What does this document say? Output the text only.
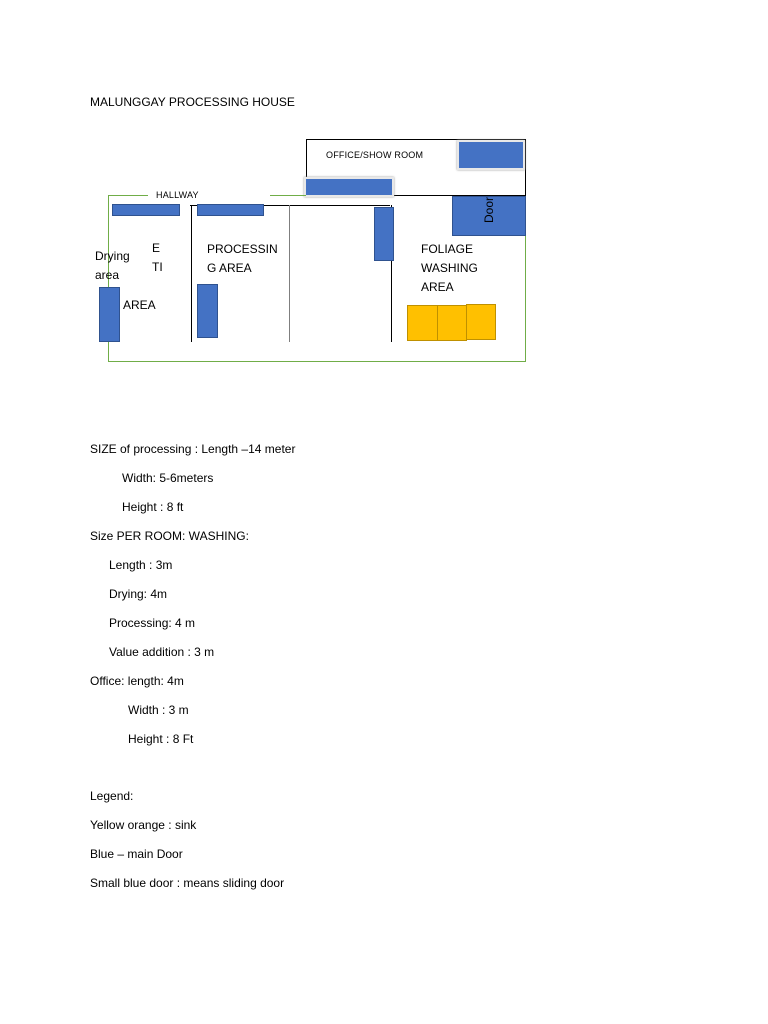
MALUNGGAY PROCESSING HOUSE
OFFICE/SHOW ROOM
HALLWAY
Door
Drying
area
E
TI
AREA
PROCESSIN
G AREA
FOLIAGE
WASHING
AREA
SIZE of processing : Length –14 meter
Width: 5-6meters
Height : 8 ft
Size PER ROOM: WASHING:
Length : 3m
Drying: 4m
Processing: 4 m
Value addition : 3 m
Office: length: 4m
Width : 3 m
Height : 8 Ft
Legend:
Yellow orange : sink
Blue – main Door
Small blue door : means sliding door
